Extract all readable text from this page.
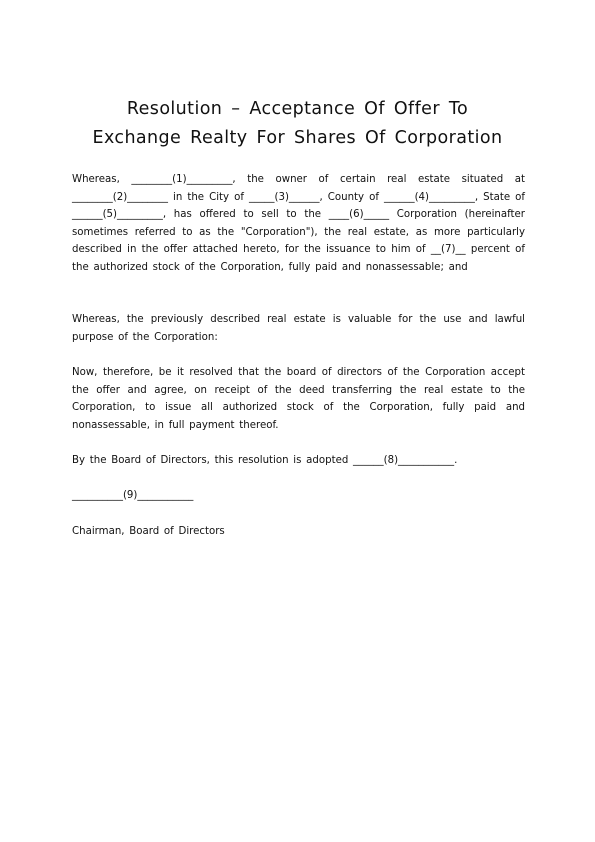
Resolution – Acceptance Of Offer To
Exchange Realty For Shares Of Corporation

Whereas, ________(1)_________, the owner of certain real estate situated at ________(2)________ in the City of _____(3)______, County of ______(4)_________, State of ______(5)_________, has offered to sell to the ____(6)_____ Corporation (hereinafter sometimes referred to as the "Corporation"), the real estate, as more particularly described in the offer attached hereto, for the issuance to him of __(7)__ percent of the authorized stock of the Corporation, fully paid and nonassessable; and

Whereas, the previously described real estate is valuable for the use and lawful purpose of the Corporation:

Now, therefore, be it resolved that the board of directors of the Corporation accept the offer and agree, on receipt of the deed transferring the real estate to the Corporation, to issue all authorized stock of the Corporation, fully paid and nonassessable, in full payment thereof.

By the Board of Directors, this resolution is adopted ______(8)___________.

__________(9)___________

Chairman, Board of Directors
